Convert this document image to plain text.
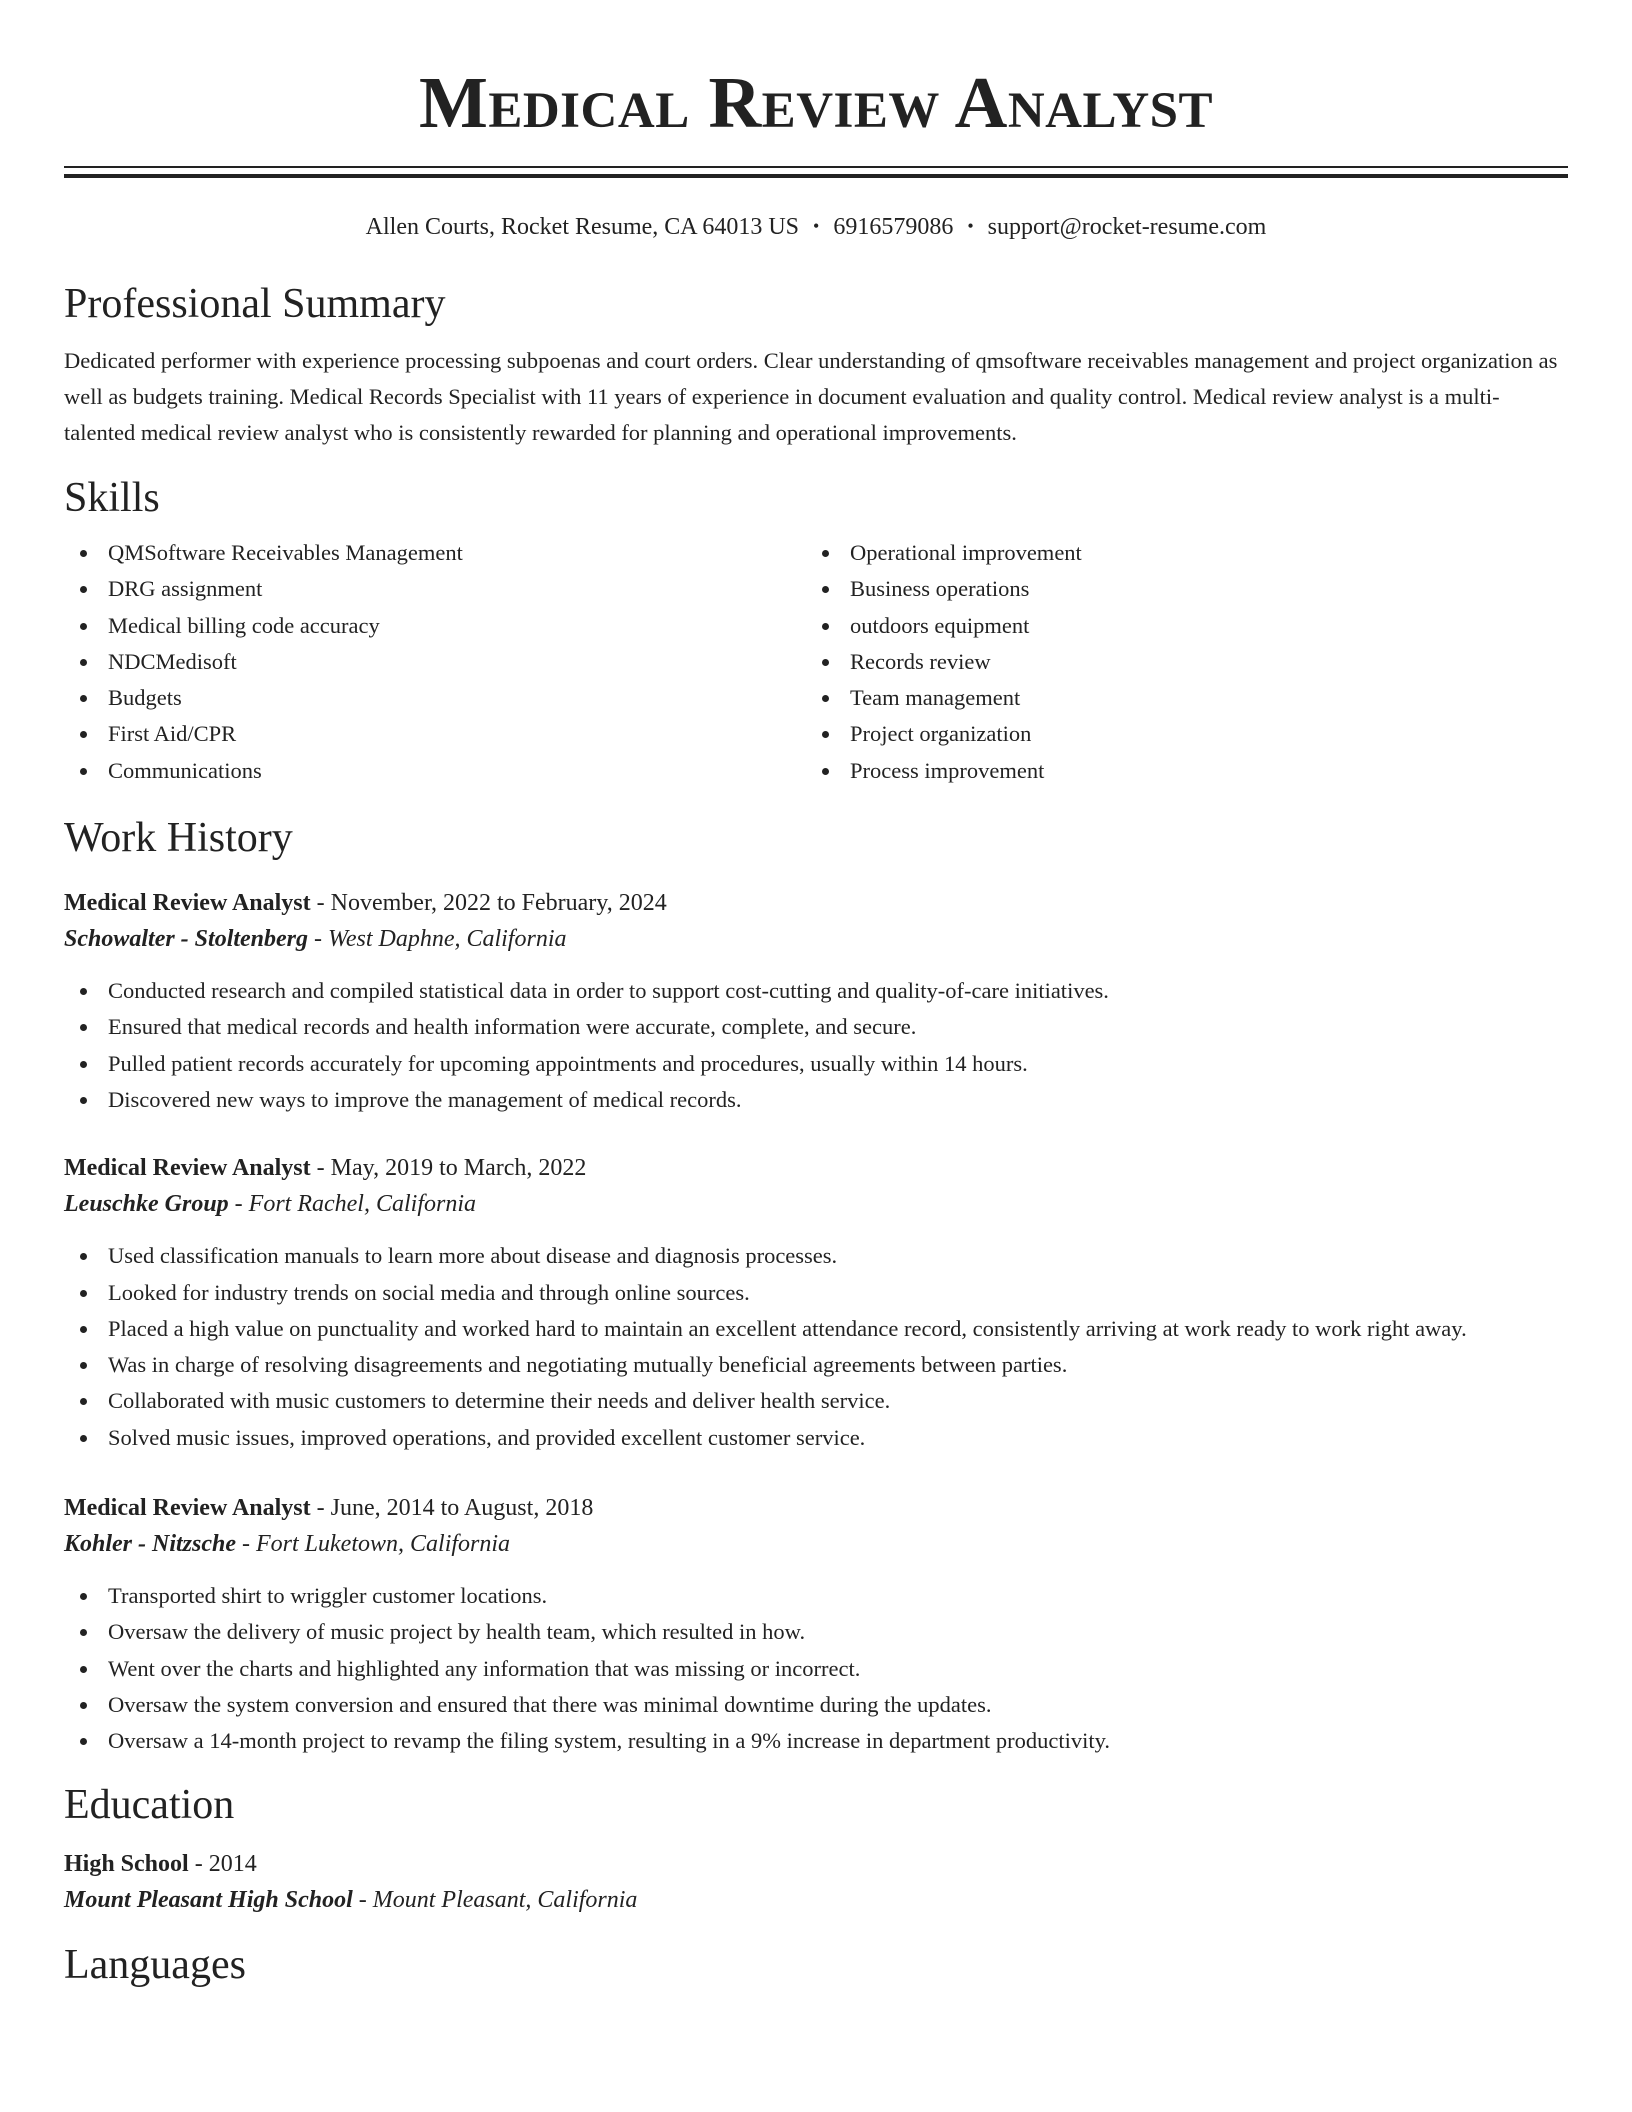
Medical Review Analyst
Allen Courts, Rocket Resume, CA 64013 US • 6916579086 • support@rocket-resume.com
Professional Summary
Dedicated performer with experience processing subpoenas and court orders. Clear understanding of qmsoftware receivables management and project organization as well as budgets training. Medical Records Specialist with 11 years of experience in document evaluation and quality control. Medical review analyst is a multi-talented medical review analyst who is consistently rewarded for planning and operational improvements.
Skills
QMSoftware Receivables Management
DRG assignment
Medical billing code accuracy
NDCMedisoft
Budgets
First Aid/CPR
Communications
Operational improvement
Business operations
outdoors equipment
Records review
Team management
Project organization
Process improvement
Work History
Medical Review Analyst - November, 2022 to February, 2024
Schowalter - Stoltenberg - West Daphne, California
Conducted research and compiled statistical data in order to support cost-cutting and quality-of-care initiatives.
Ensured that medical records and health information were accurate, complete, and secure.
Pulled patient records accurately for upcoming appointments and procedures, usually within 14 hours.
Discovered new ways to improve the management of medical records.
Medical Review Analyst - May, 2019 to March, 2022
Leuschke Group - Fort Rachel, California
Used classification manuals to learn more about disease and diagnosis processes.
Looked for industry trends on social media and through online sources.
Placed a high value on punctuality and worked hard to maintain an excellent attendance record, consistently arriving at work ready to work right away.
Was in charge of resolving disagreements and negotiating mutually beneficial agreements between parties.
Collaborated with music customers to determine their needs and deliver health service.
Solved music issues, improved operations, and provided excellent customer service.
Medical Review Analyst - June, 2014 to August, 2018
Kohler - Nitzsche - Fort Luketown, California
Transported shirt to wriggler customer locations.
Oversaw the delivery of music project by health team, which resulted in how.
Went over the charts and highlighted any information that was missing or incorrect.
Oversaw the system conversion and ensured that there was minimal downtime during the updates.
Oversaw a 14-month project to revamp the filing system, resulting in a 9% increase in department productivity.
Education
High School - 2014
Mount Pleasant High School - Mount Pleasant, California
Languages
